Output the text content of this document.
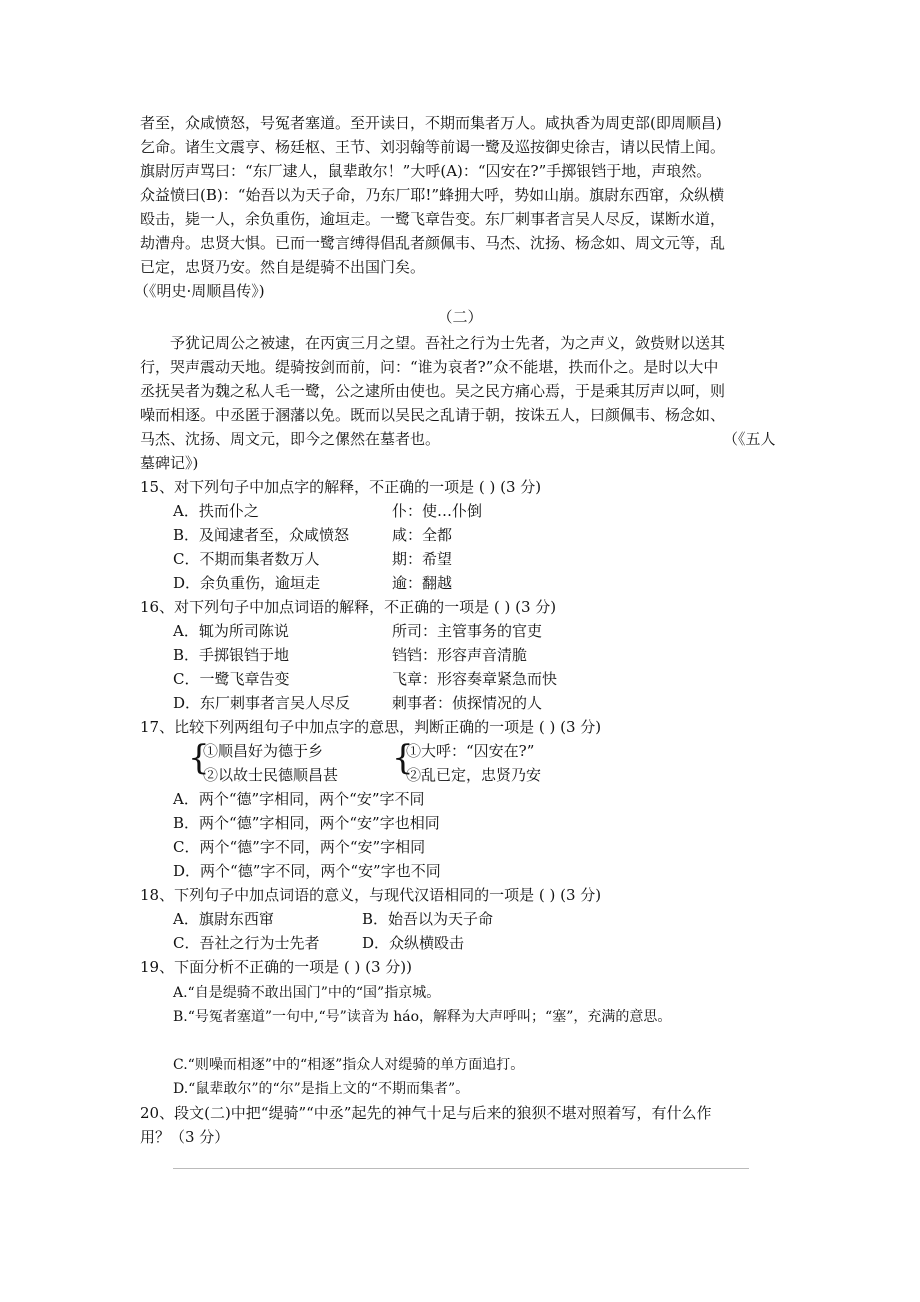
者至，众咸愤怒，号冤者塞道。至开读日，不期而集者万人。咸执香为周吏部(即周顺昌)
乞命。诸生文震亨、杨廷枢、王节、刘羽翰等前谒一鹭及巡按御史徐吉，请以民情上闻。
旗尉厉声骂曰：“东厂逮人，鼠辈敢尔！”大呼(A)：“囚安在?”手掷银铛于地，声琅然。
众益愤曰(B)：“始吾以为天子命，乃东厂耶!”蜂拥大呼，势如山崩。旗尉东西窜，众纵横
殴击，毙一人，余负重伤，逾垣走。一鹭飞章告变。东厂刺事者言吴人尽反，谋断水道，
劫漕舟。忠贤大惧。已而一鹭言缚得倡乱者颜佩韦、马杰、沈扬、杨念如、周文元等，乱
已定，忠贤乃安。然自是缇骑不出国门矣。
（《明史·周顺昌传》)
（二）
予犹记周公之被逮，在丙寅三月之望。吾社之行为士先者，为之声义，敛赀财以送其
行，哭声震动天地。缇骑按剑而前，问：“谁为哀者?”众不能堪，抶而仆之。是时以大中
丞抚吴者为魏之私人毛一鹭，公之逮所由使也。吴之民方痛心焉，于是乘其厉声以呵，则
噪而相逐。中丞匿于溷藩以免。既而以吴民之乱请于朝，按诛五人，曰颜佩韦、杨念如、
马杰、沈扬、周文元，即今之傫然在墓者也。	（《五人
墓碑记》)
15、对下列句子中加点字的解释，不正确的一项是 ( ) (3 分)
A．抶而仆之	仆：使…仆倒
B．及闻逮者至，众咸愤怒	咸：全都
C．不期而集者数万人	期：希望
D．余负重伤，逾垣走	逾：翻越
16、对下列句子中加点词语的解释，不正确的一项是 ( ) (3 分)
A．辄为所司陈说	所司：主管事务的官吏
B．手掷银铛于地	铛铛：形容声音清脆
C．一鹭飞章告变	飞章：形容奏章紧急而快
D．东厂刺事者言吴人尽反	刺事者：侦探情况的人
17、比较下列两组句子中加点字的意思，判断正确的一项是 ( ) (3 分)
{
①顺昌好为德于乡
②以故士民德顺昌甚 {
①大呼：“囚安在?”
②乱已定，忠贤乃安
A．两个“德”字相同，两个“安”字不同
B．两个“德”字相同，两个“安”字也相同
C．两个“德”字不同，两个“安”字相同
D．两个“德”字不同，两个“安”字也不同
18、下列句子中加点词语的意义，与现代汉语相同的一项是 ( ) (3 分)
A．旗尉东西窜	B．始吾以为天子命
C．吾社之行为士先者	D．众纵横殴击
19、下面分析不正确的一项是 ( ) (3 分))
A.“自是缇骑不敢出国门”中的“国”指京城。
B.“号冤者塞道”一句中,“号”读音为 háo，解释为大声呼叫；“塞”，充满的意思。
C.“则噪而相逐”中的“相逐”指众人对缇骑的单方面追打。
D.“鼠辈敢尔”的“尔”是指上文的“不期而集者”。
20、段文(二)中把“缇骑”“中丞”起先的神气十足与后来的狼狈不堪对照着写，有什么作
用？（3 分）
